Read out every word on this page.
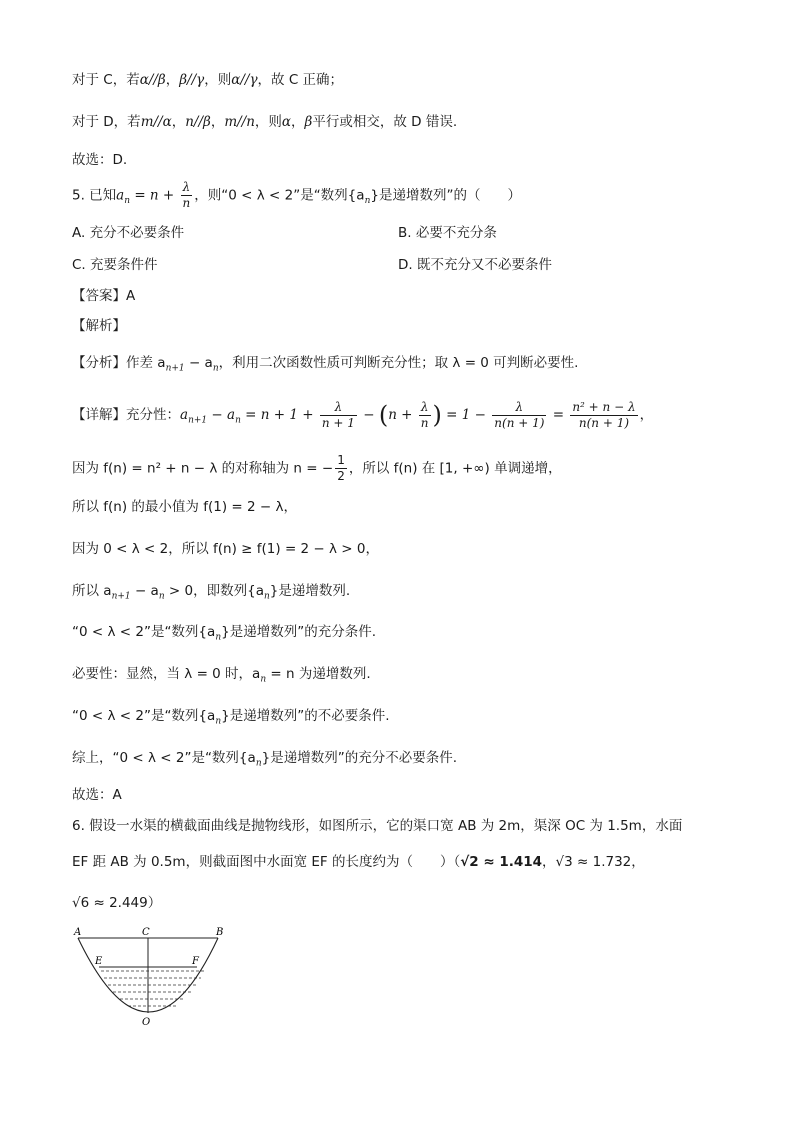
对于 C，若α//β，β//γ，则α//γ，故 C 正确；
对于 D，若m//α，n//β，m//n，则α，β平行或相交，故 D 错误.
故选：D.
5. 已知$a_n = n + \frac{\lambda}{n}$ ，则“0 < λ < 2”是“数列$\{a_n\}$是递增数列”的（　　）
A. 充分不必要条件	B. 必要不充分条
C. 充要条件件	D. 既不充分又不必要条件
【答案】A
【解析】
【分析】作差 $a_{n+1} - a_n$，利用二次函数性质可判断充分性；取 λ = 0 可判断必要性.
【详解】充分性：$a_{n+1} - a_n = n + 1 + \frac{\lambda}{n + 1} - (n + \frac{\lambda}{n}$ ) = $1 - \frac{\lambda}{n(n + 1)} = \frac{\text{n² + n − λ}}{n(n + 1)}$ ，
因为 f(n) = n² + n − λ 的对称轴为 n = − $\frac{1}{2}$ ，所以 f(n) 在 [1, +∞) 单调递增，
所以 f(n) 的最小值为 f(1) = 2 − λ，
因为 0 < λ < 2，所以 f(n) ≥ f(1) = 2 − λ > 0，
所以 $a_{n+1} - a_n > 0$，即数列$\{a_n\}$是递增数列.
“0 < λ < 2”是“数列$\{a_n\}$是递增数列”的充分条件.
必要性：显然，当 λ = 0 时，$a_n = n$ 为递增数列.
“0 < λ < 2”是“数列$\{a_n\}$是递增数列”的不必要条件.
综上，“0 < λ < 2”是“数列$\{a_n\}$是递增数列”的充分不必要条件.
故选：A
6. 假设一水渠的横截面曲线是抛物线形，如图所示，它的渠口宽 AB 为 2m，渠深 OC 为 1.5m，水面
EF 距 AB 为 0.5m，则截面图中水面宽 EF 的长度约为（　　）（√2 ≈ 1.414，√3 ≈ 1.732，
√6 ≈ 2.449）
A	C	B
E	F
O
